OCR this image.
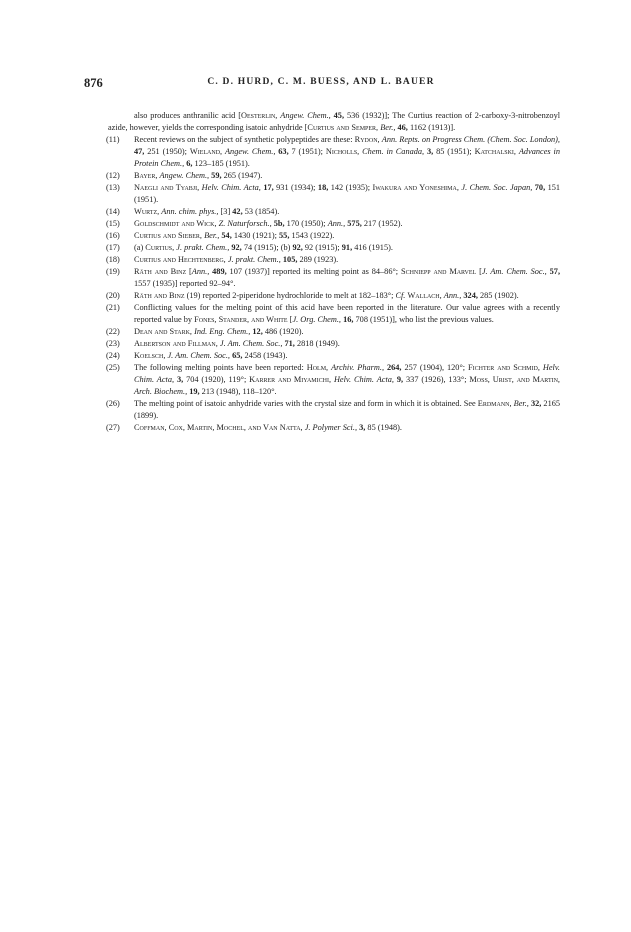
876	C. D. HURD, C. M. BUESS, AND L. BAUER

also produces anthranilic acid [Oesterlin, Angew. Chem., 45, 536 (1932)]; The Curtius reaction of 2-carboxy-3-nitrobenzoyl azide, however, yields the corresponding isatoic anhydride [Curtius and Semper, Ber., 46, 1162 (1913)].

(11) Recent reviews on the subject of synthetic polypeptides are these: Rydon, Ann. Repts. on Progress Chem. (Chem. Soc. London), 47, 251 (1950); Wieland, Angew. Chem., 63, 7 (1951); Nicholls, Chem. in Canada, 3, 85 (1951); Katchalski, Advances in Protein Chem., 6, 123–185 (1951).

(12) Bayer, Angew. Chem., 59, 265 (1947).

(13) Naegli and Tyabji, Helv. Chim. Acta, 17, 931 (1934); 18, 142 (1935); Iwakura and Yoneshima, J. Chem. Soc. Japan, 70, 151 (1951).

(14) Wurtz, Ann. chim. phys., [3] 42, 53 (1854).

(15) Goldschmidt and Wick, Z. Naturforsch., 5b, 170 (1950); Ann., 575, 217 (1952).

(16) Curtius and Sieber, Ber., 54, 1430 (1921); 55, 1543 (1922).

(17) (a) Curtius, J. prakt. Chem., 92, 74 (1915); (b) 92, 92 (1915); 91, 416 (1915).

(18) Curtius and Hechtenberg, J. prakt. Chem., 105, 289 (1923).

(19) Räth and Binz [Ann., 489, 107 (1937)] reported its melting point as 84–86°; Schniepp and Marvel [J. Am. Chem. Soc., 57, 1557 (1935)] reported 92–94°.

(20) Räth and Binz (19) reported 2-piperidone hydrochloride to melt at 182–183°; Cf. Wallach, Ann., 324, 285 (1902).

(21) Conflicting values for the melting point of this acid have been reported in the literature. Our value agrees with a recently reported value by Fones, Stander, and White [J. Org. Chem., 16, 708 (1951)], who list the previous values.

(22) Dean and Stark, Ind. Eng. Chem., 12, 486 (1920).

(23) Albertson and Fillman, J. Am. Chem. Soc., 71, 2818 (1949).

(24) Koelsch, J. Am. Chem. Soc., 65, 2458 (1943).

(25) The following melting points have been reported: Holm, Archiv. Pharm., 264, 257 (1904), 120°; Fichter and Schmid, Helv. Chim. Acta, 3, 704 (1920), 119°; Karrer and Miyamichi, Helv. Chim. Acta, 9, 337 (1926), 133°; Moss, Urist, and Martin, Arch. Biochem., 19, 213 (1948), 118–120°.

(26) The melting point of isatoic anhydride varies with the crystal size and form in which it is obtained. See Erdmann, Ber., 32, 2165 (1899).

(27) Coffman, Cox, Martin, Mochel, and Van Natta, J. Polymer Sci., 3, 85 (1948).
